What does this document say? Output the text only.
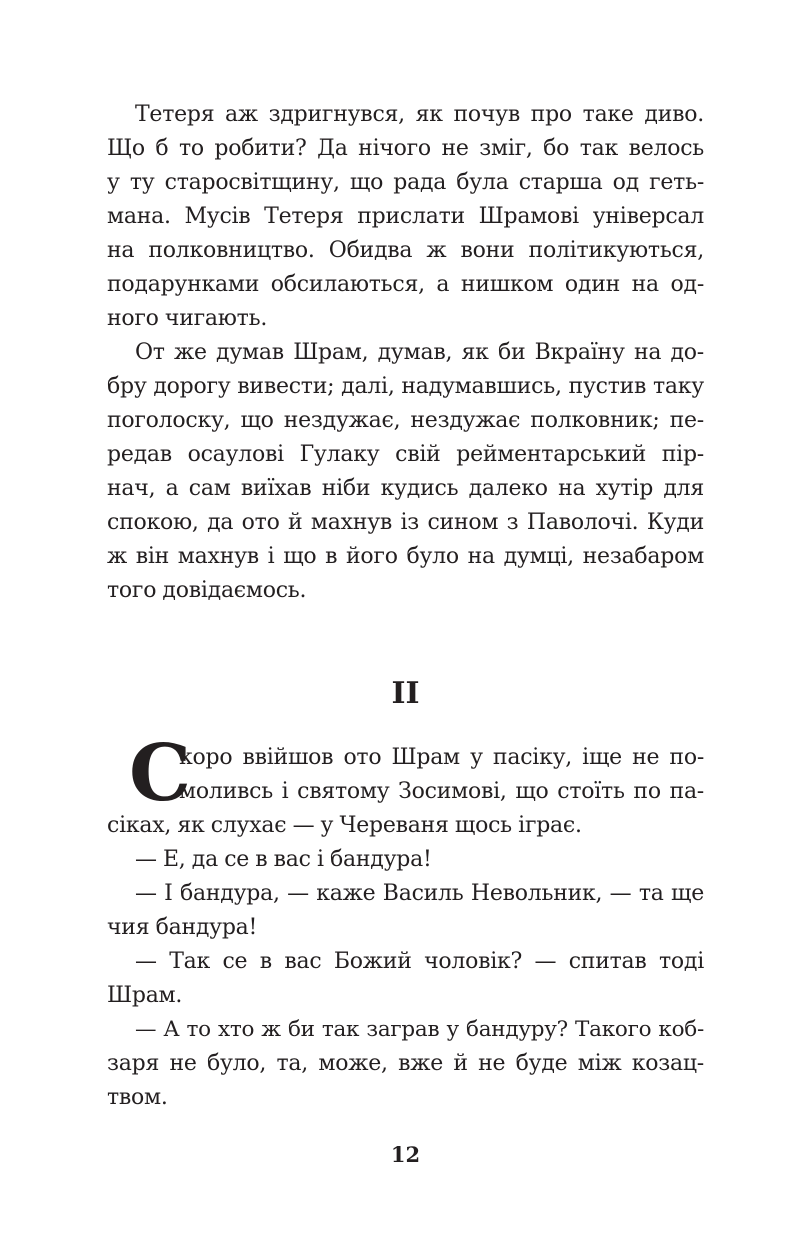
Тетеря аж здригнувся, як почув про таке диво.
Що б то робити? Да нічого не зміг, бо так велось
у ту старосвітщину, що рада була старша од геть-
мана. Мусів Тетеря прислати Шрамові універсал
на полковництво. Обидва ж вони політикуються,
подарунками обсилаються, а нишком один на од-
ного чигають.
От же думав Шрам, думав, як би Вкраїну на до-
бру дорогу вивести; далі, надумавшись, пустив таку
поголоску, що нездужає, нездужає полковник; пе-
редав осаулові Гулаку свій рейментарський пір-
нач, а сам виїхав ніби кудись далеко на хутір для
спокою, да ото й махнув із сином з Паволочі. Куди
ж він махнув і що в його було на думці, незабаром
того довідаємось.
II
С
коро ввійшов ото Шрам у пасіку, іще не по-
моливсь і святому Зосимові, що стоїть по па-
сіках, як слухає — у Череваня щось іграє.
— Е, да се в вас і бандура!
— І бандура, — каже Василь Невольник, — та ще
чия бандура!
— Так се в вас Божий чоловік? — спитав тоді
Шрам.
— А то хто ж би так заграв у бандуру? Такого коб-
заря не було, та, може, вже й не буде між козац-
твом.
12
